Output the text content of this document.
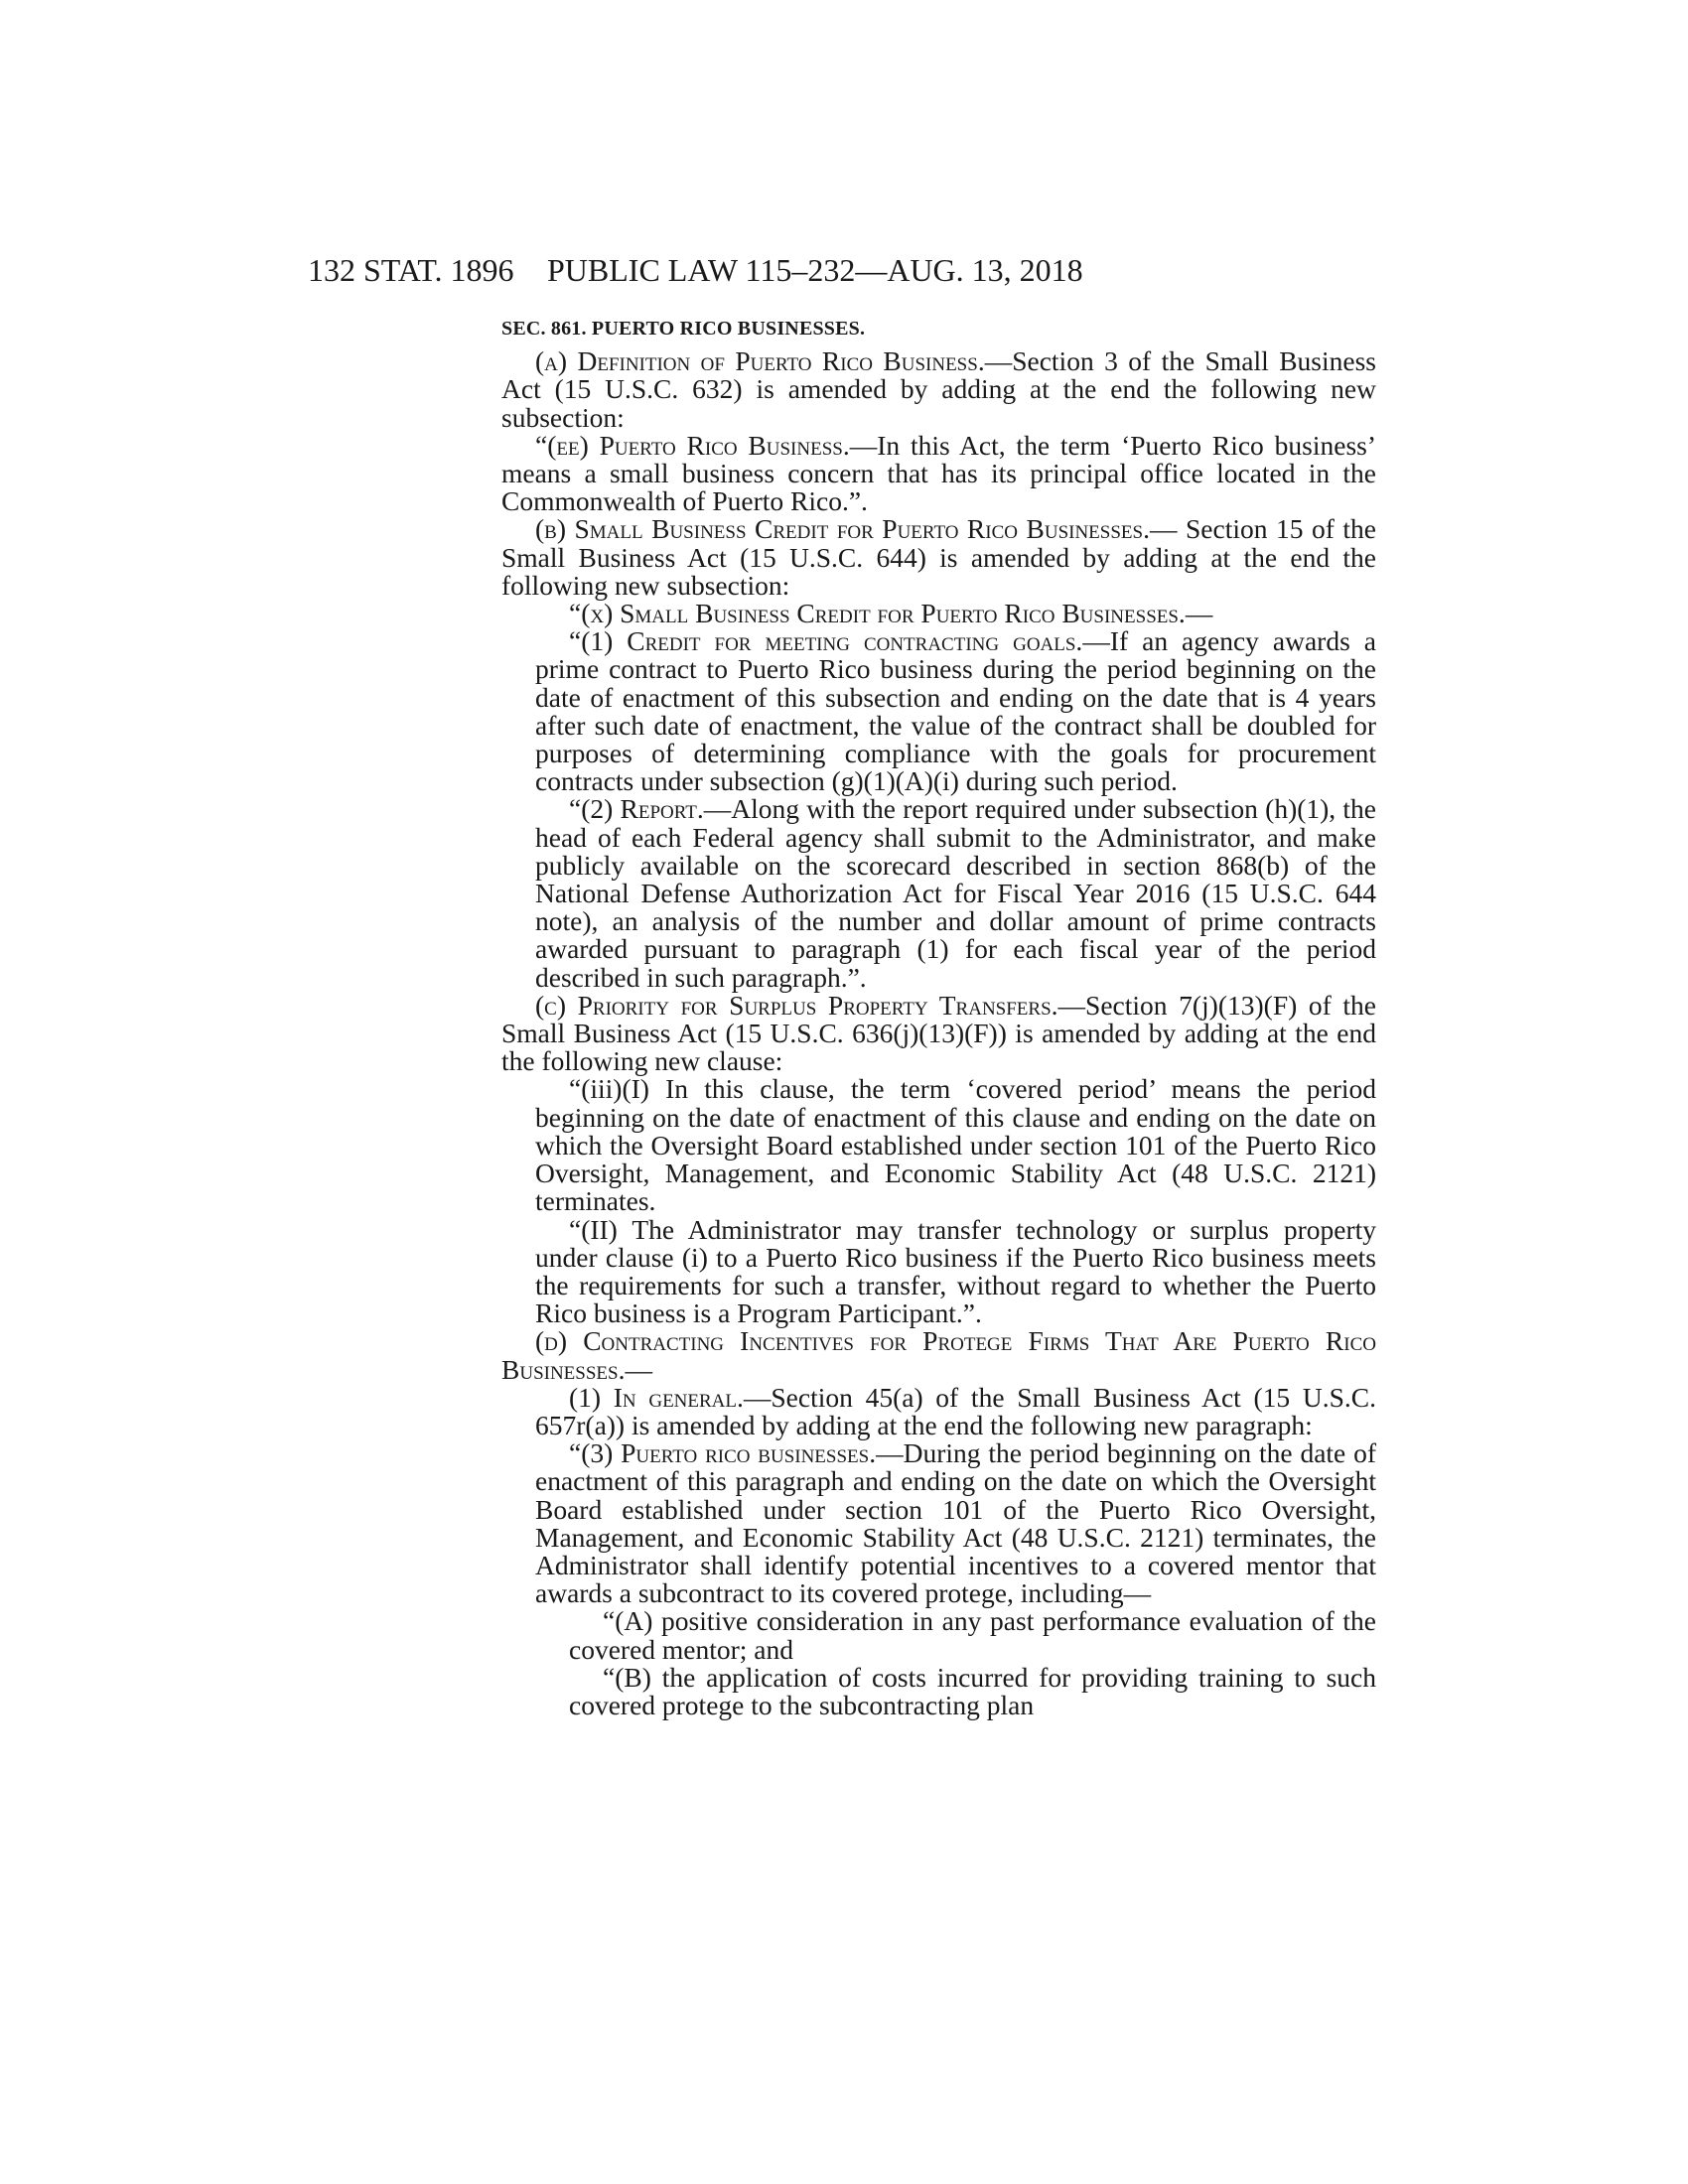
132 STAT. 1896 PUBLIC LAW 115–232—AUG. 13, 2018

SEC. 861. PUERTO RICO BUSINESSES.

(a) Definition of Puerto Rico Business.—Section 3 of the Small Business Act (15 U.S.C. 632) is amended by adding at the end the following new subsection:

“(ee) Puerto Rico Business.—In this Act, the term ‘Puerto Rico business’ means a small business concern that has its principal office located in the Commonwealth of Puerto Rico.”.

(b) Small Business Credit for Puerto Rico Businesses.— Section 15 of the Small Business Act (15 U.S.C. 644) is amended by adding at the end the following new subsection:

“(x) Small Business Credit for Puerto Rico Businesses.—

“(1) Credit for meeting contracting goals.—If an agency awards a prime contract to Puerto Rico business during the period beginning on the date of enactment of this subsection and ending on the date that is 4 years after such date of enactment, the value of the contract shall be doubled for purposes of determining compliance with the goals for procurement contracts under subsection (g)(1)(A)(i) during such period.

“(2) Report.—Along with the report required under subsection (h)(1), the head of each Federal agency shall submit to the Administrator, and make publicly available on the scorecard described in section 868(b) of the National Defense Authorization Act for Fiscal Year 2016 (15 U.S.C. 644 note), an analysis of the number and dollar amount of prime contracts awarded pursuant to paragraph (1) for each fiscal year of the period described in such paragraph.”.

(c) Priority for Surplus Property Transfers.—Section 7(j)(13)(F) of the Small Business Act (15 U.S.C. 636(j)(13)(F)) is amended by adding at the end the following new clause:

“(iii)(I) In this clause, the term ‘covered period’ means the period beginning on the date of enactment of this clause and ending on the date on which the Oversight Board established under section 101 of the Puerto Rico Oversight, Management, and Economic Stability Act (48 U.S.C. 2121) terminates.

“(II) The Administrator may transfer technology or surplus property under clause (i) to a Puerto Rico business if the Puerto Rico business meets the requirements for such a transfer, without regard to whether the Puerto Rico business is a Program Participant.”.

(d) Contracting Incentives for Protege Firms That Are Puerto Rico Businesses.—

(1) In general.—Section 45(a) of the Small Business Act (15 U.S.C. 657r(a)) is amended by adding at the end the following new paragraph:

“(3) Puerto rico businesses.—During the period beginning on the date of enactment of this paragraph and ending on the date on which the Oversight Board established under section 101 of the Puerto Rico Oversight, Management, and Economic Stability Act (48 U.S.C. 2121) terminates, the Administrator shall identify potential incentives to a covered mentor that awards a subcontract to its covered protege, including—

“(A) positive consideration in any past performance evaluation of the covered mentor; and

“(B) the application of costs incurred for providing training to such covered protege to the subcontracting plan
